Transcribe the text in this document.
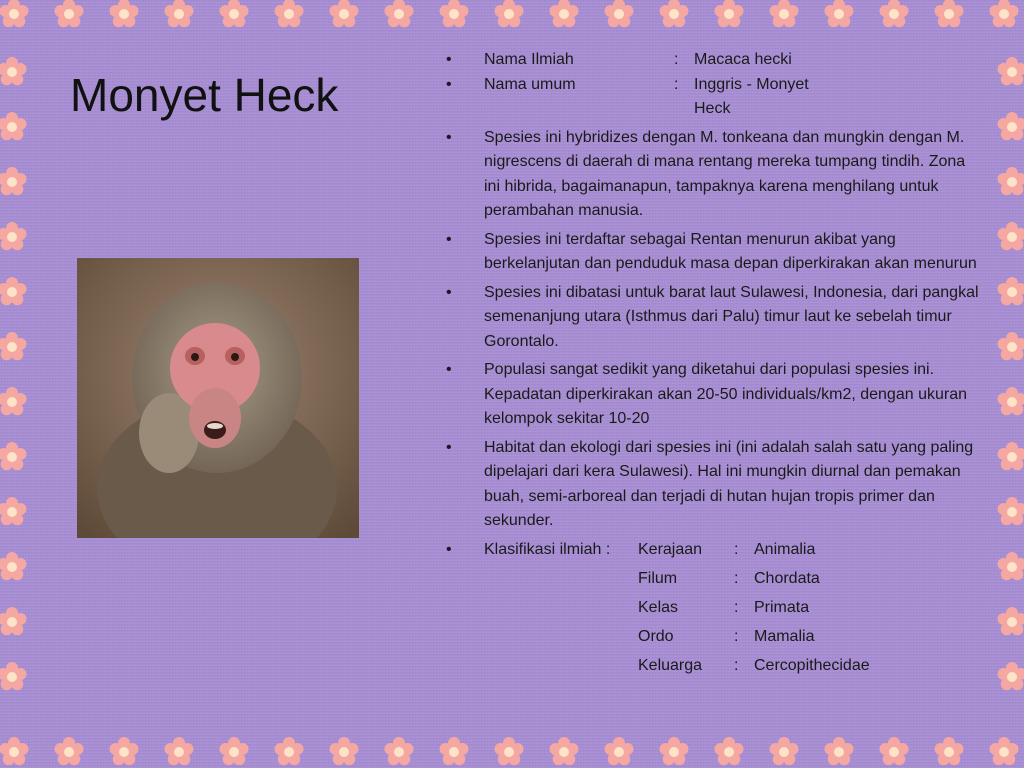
Monyet Heck
• Nama Ilmiah	: Macaca hecki
• Nama umum	: Inggris - Monyet Heck
• Spesies ini hybridizes dengan M. tonkeana dan mungkin dengan M. nigrescens di daerah di mana rentang mereka tumpang tindih. Zona ini hibrida, bagaimanapun, tampaknya karena menghilang untuk perambahan manusia.
• Spesies ini terdaftar sebagai Rentan menurun akibat yang berkelanjutan dan penduduk masa depan diperkirakan akan menurun
• Spesies ini dibatasi untuk barat laut Sulawesi, Indonesia, dari pangkal semenanjung utara (Isthmus dari Palu) timur laut ke sebelah timur Gorontalo.
• Populasi sangat sedikit yang diketahui dari populasi spesies ini. Kepadatan diperkirakan akan 20-50 individuals/km2, dengan ukuran kelompok sekitar 10-20
• Habitat dan ekologi dari spesies ini (ini adalah salah satu yang paling dipelajari dari kera Sulawesi). Hal ini mungkin diurnal dan pemakan buah, semi-arboreal dan terjadi di hutan hujan tropis primer dan sekunder.
• Klasifikasi ilmiah :	Kerajaan	: Animalia
Filum	: Chordata
Kelas	: Primata
Ordo	: Mamalia
Keluarga	: Cercopithecidae
